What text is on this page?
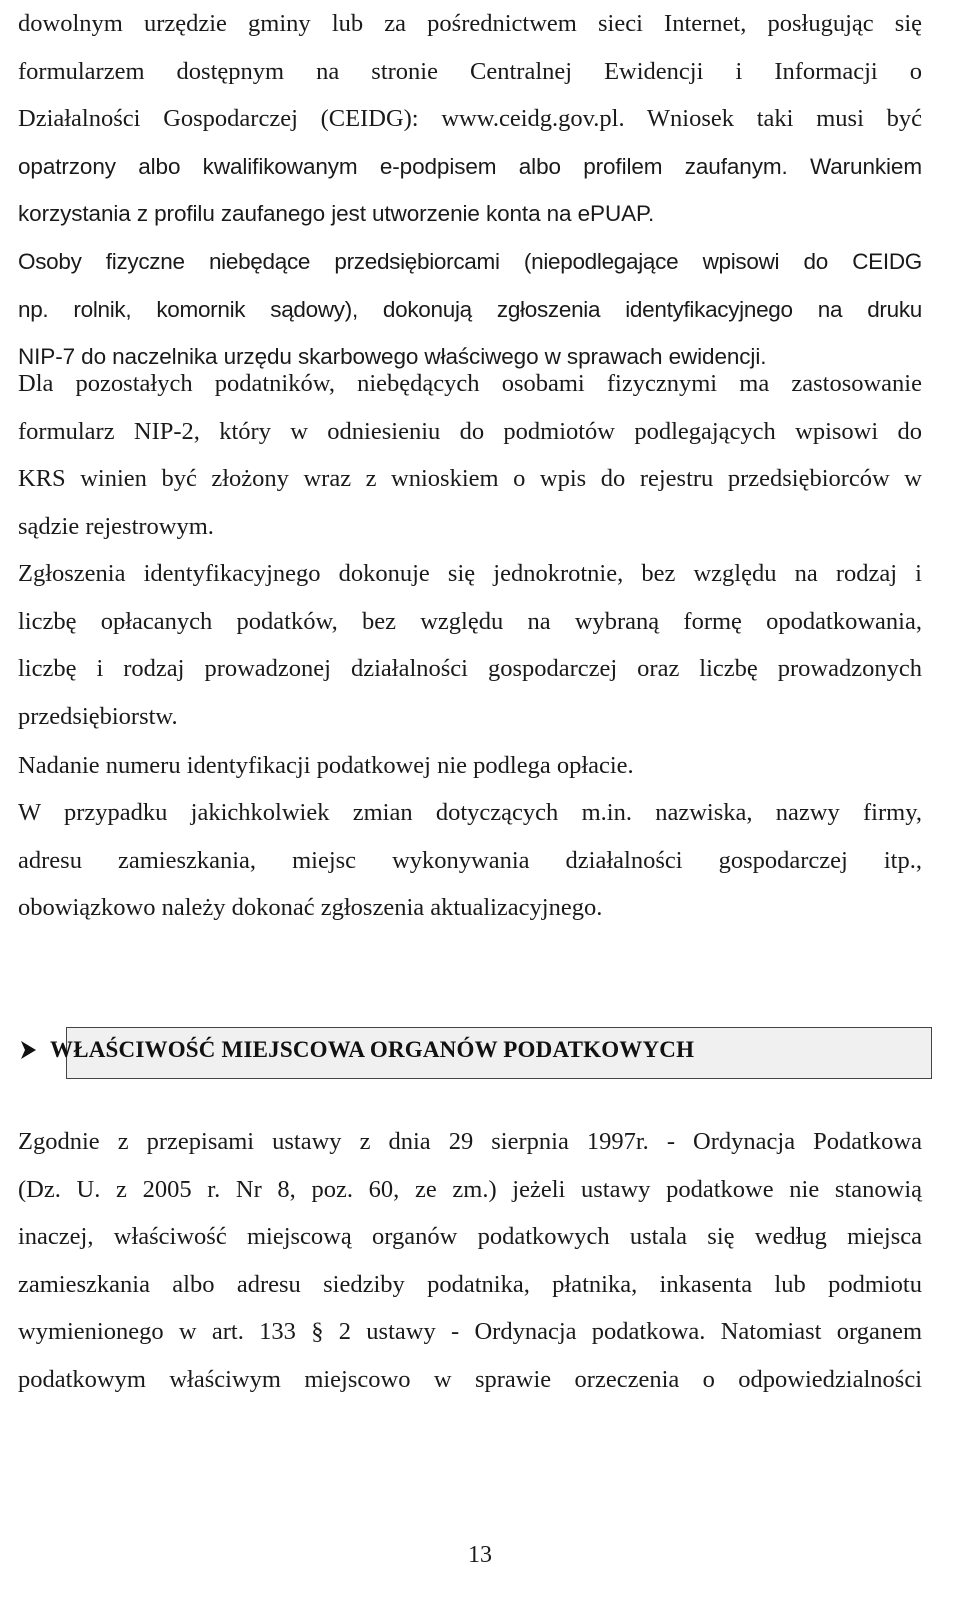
dowolnym urzędzie gminy lub za pośrednictwem sieci Internet, posługując się
formularzem dostępnym na stronie Centralnej Ewidencji i Informacji o
Działalności Gospodarczej (CEIDG): www.ceidg.gov.pl. Wniosek taki musi być
opatrzony albo kwalifikowanym e-podpisem albo profilem zaufanym. Warunkiem
korzystania z profilu zaufanego jest utworzenie konta na ePUAP.
Osoby fizyczne niebędące przedsiębiorcami (niepodlegające wpisowi do CEIDG
np. rolnik, komornik sądowy), dokonują zgłoszenia identyfikacyjnego na druku
NIP-7 do naczelnika urzędu skarbowego właściwego w sprawach ewidencji.
Dla pozostałych podatników, niebędących osobami fizycznymi ma zastosowanie
formularz NIP-2, który w odniesieniu do podmiotów podlegających wpisowi do
KRS winien być złożony wraz z wnioskiem o wpis do rejestru przedsiębiorców w
sądzie rejestrowym.
Zgłoszenia identyfikacyjnego dokonuje się jednokrotnie, bez względu na rodzaj i
liczbę opłacanych podatków, bez względu na wybraną formę opodatkowania,
liczbę i rodzaj prowadzonej działalności gospodarczej oraz liczbę prowadzonych
przedsiębiorstw.
Nadanie numeru identyfikacji podatkowej nie podlega opłacie.
W przypadku jakichkolwiek zmian dotyczących m.in. nazwiska, nazwy firmy,
adresu zamieszkania, miejsc wykonywania działalności gospodarczej itp.,
obowiązkowo należy dokonać zgłoszenia aktualizacyjnego.
Zgodnie z przepisami ustawy z dnia 29 sierpnia 1997r. - Ordynacja Podatkowa
(Dz. U. z 2005 r. Nr 8, poz. 60, ze zm.) jeżeli ustawy podatkowe nie stanowią
inaczej, właściwość miejscową organów podatkowych ustala się według miejsca
zamieszkania albo adresu siedziby podatnika, płatnika, inkasenta lub podmiotu
wymienionego w art. 133 § 2 ustawy - Ordynacja podatkowa. Natomiast organem
podatkowym właściwym miejscowo w sprawie orzeczenia o odpowiedzialności
WŁAŚCIWOŚĆ MIEJSCOWA ORGANÓW PODATKOWYCH
13
